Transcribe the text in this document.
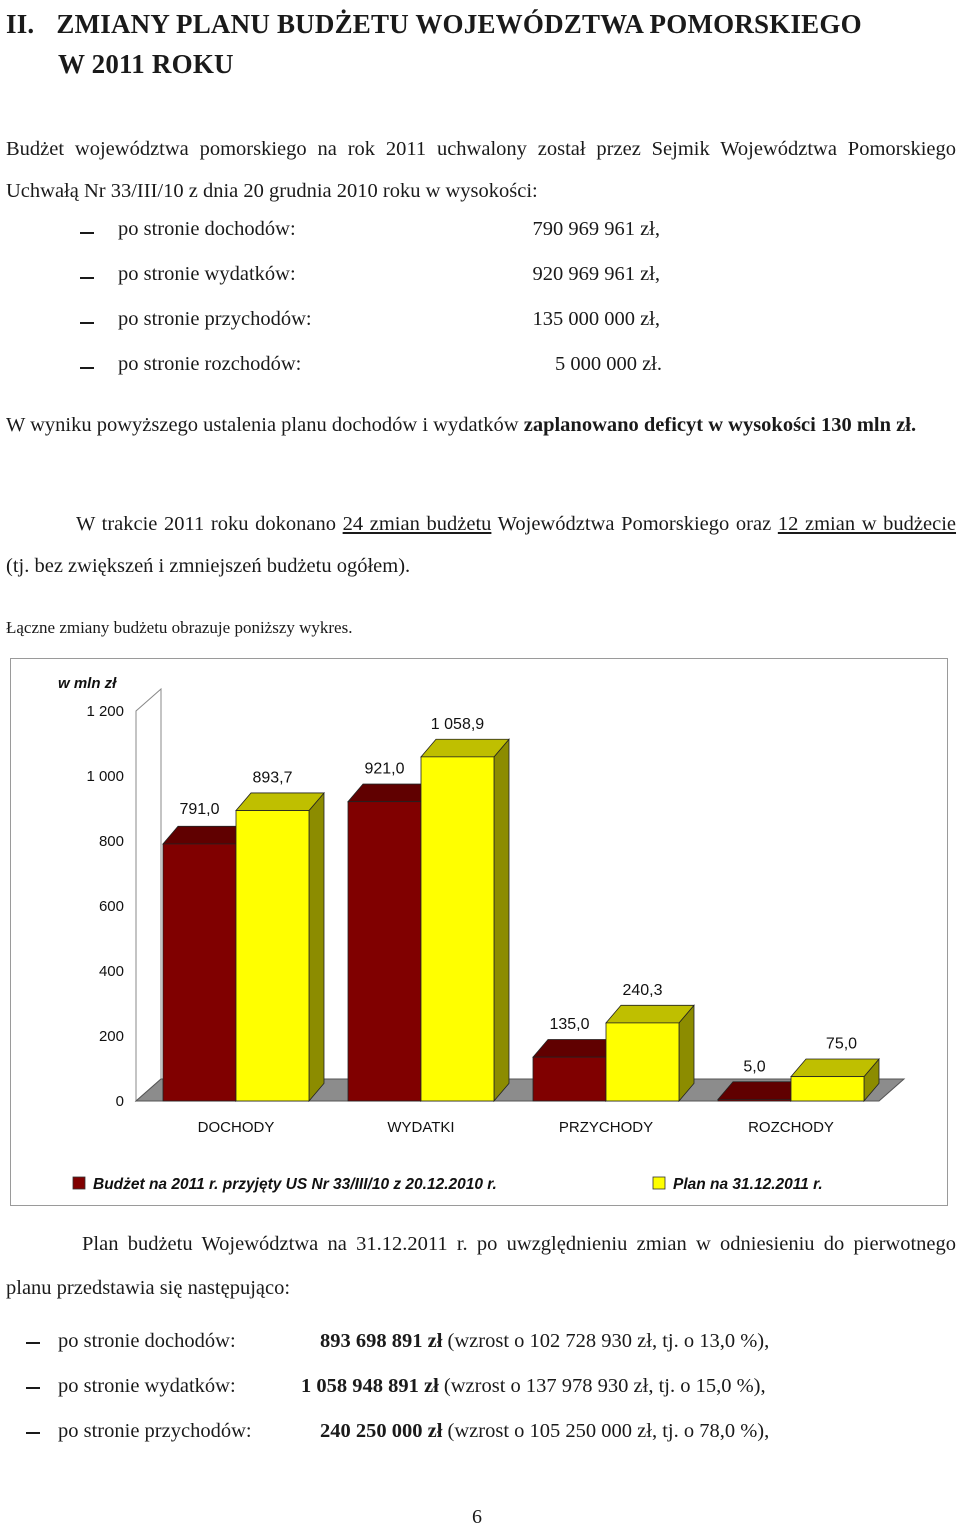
II. ZMIANY PLANU BUDŻETU WOJEWÓDZTWA POMORSKIEGO
W 2011 ROKU
Budżet województwa pomorskiego na rok 2011 uchwalony został przez Sejmik Województwa Pomorskiego Uchwałą Nr 33/III/10 z dnia 20 grudnia 2010 roku w wysokości:
po stronie dochodów:	790 969 961 zł,
po stronie wydatków:	920 969 961 zł,
po stronie przychodów:	135 000 000 zł,
po stronie rozchodów:	5 000 000 zł.
W wyniku powyższego ustalenia planu dochodów i wydatków zaplanowano deficyt w wysokości 130 mln zł.
W trakcie 2011 roku dokonano 24 zmian budżetu Województwa Pomorskiego oraz 12 zmian w budżecie (tj. bez zwiększeń i zmniejszeń budżetu ogółem).
Łączne zmiany budżetu obrazuje poniższy wykres.
0
200
400
600
800
1 000
1 200
w mln zł
791,0
893,7
DOCHODY
921,0
1 058,9
WYDATKI
135,0
240,3
PRZYCHODY
5,0
75,0
ROZCHODY
Budżet na 2011 r. przyjęty US Nr 33/III/10 z 20.12.2010 r.	Plan na 31.12.2011 r.
Plan budżetu Województwa na 31.12.2011 r. po uwzględnieniu zmian w odniesieniu do pierwotnego planu przedstawia się następująco:
po stronie dochodów:	893 698 891 zł (wzrost o 102 728 930 zł, tj. o 13,0 %),
po stronie wydatków:	1 058 948 891 zł (wzrost o 137 978 930 zł, tj. o 15,0 %),
po stronie przychodów:	240 250 000 zł (wzrost o 105 250 000 zł, tj. o 78,0 %),
6
